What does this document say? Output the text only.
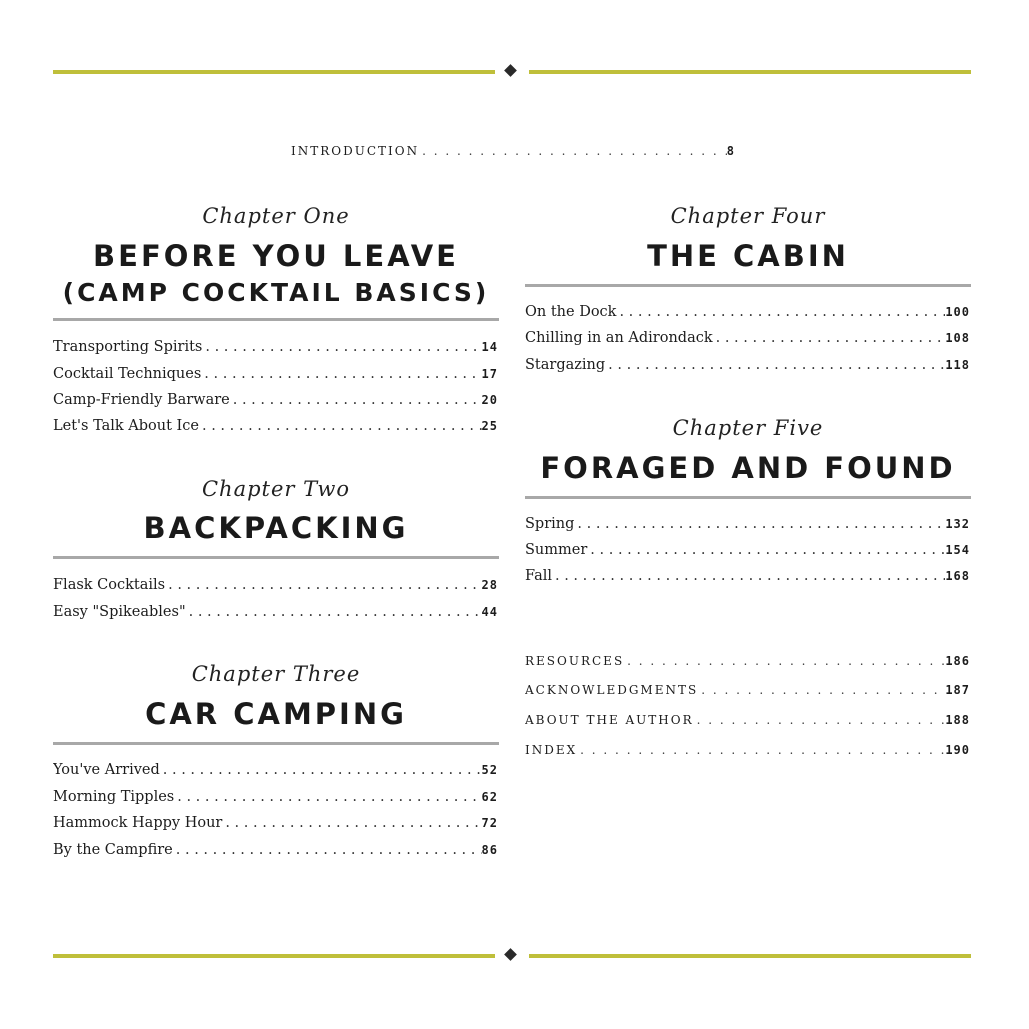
INTRODUCTION . . .	8
Chapter One
BEFORE YOU LEAVE
(CAMP COCKTAIL BASICS)
Transporting Spirits . . .	14
Cocktail Techniques . . .	17
Camp-Friendly Barware . . .	20
Let's Talk About Ice . . .	25
Chapter Two
BACKPACKING
Flask Cocktails . . .	28
Easy "Spikeables" . . .	44
Chapter Three
CAR CAMPING
You've Arrived . . .	52
Morning Tipples . . .	62
Hammock Happy Hour . . .	72
By the Campfire . . .	86
Chapter Four
THE CABIN
On the Dock . . .	100
Chilling in an Adirondack . . .	108
Stargazing . . .	118
Chapter Five
FORAGED AND FOUND
Spring . . .	132
Summer . . .	154
Fall . . .	168
RESOURCES . . .	186
ACKNOWLEDGMENTS . . .	187
ABOUT THE AUTHOR . . .	188
INDEX . . .	190
